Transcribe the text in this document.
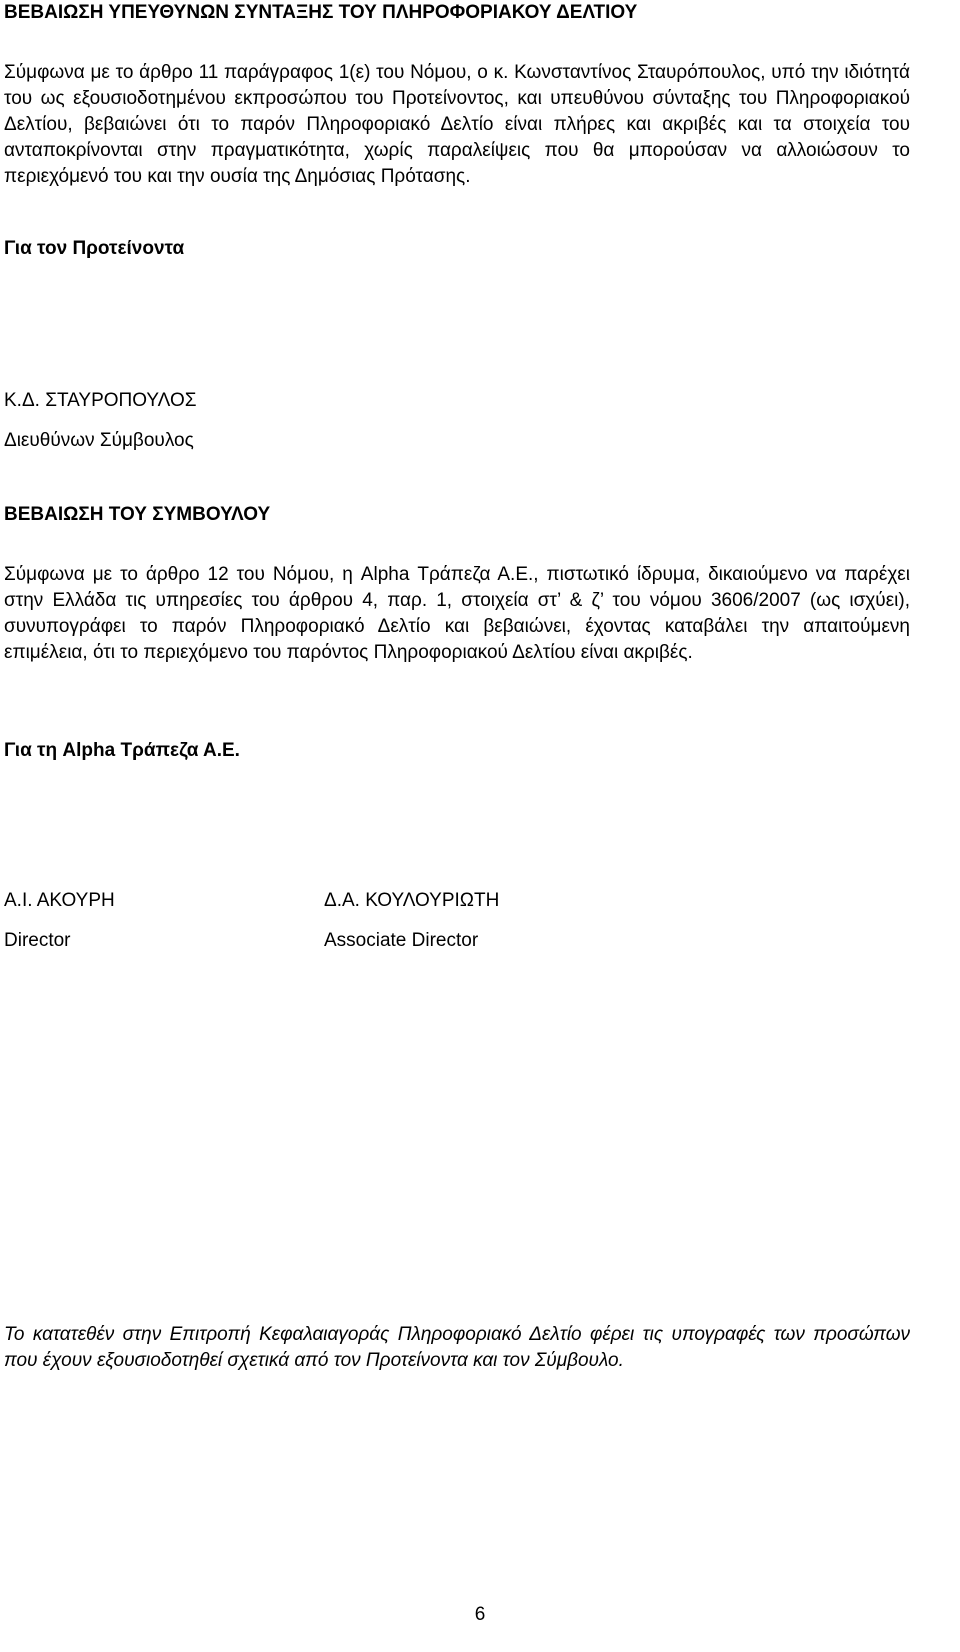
ΒΕΒΑΙΩΣΗ ΥΠΕΥΘΥΝΩΝ ΣΥΝΤΑΞΗΣ ΤΟΥ ΠΛΗΡΟΦΟΡΙΑΚΟΥ ΔΕΛΤΙΟΥ
Σύμφωνα με το άρθρο 11 παράγραφος 1(ε) του Νόμου, ο κ. Κωνσταντίνος Σταυρόπουλος, υπό την ιδιότητά του ως εξουσιοδοτημένου εκπροσώπου του Προτείνοντος, και υπευθύνου σύνταξης του Πληροφοριακού Δελτίου, βεβαιώνει ότι το παρόν Πληροφοριακό Δελτίο είναι πλήρες και ακριβές και τα στοιχεία του ανταποκρίνονται στην πραγματικότητα, χωρίς παραλείψεις που θα μπορούσαν να αλλοιώσουν το περιεχόμενό του και την ουσία της Δημόσιας Πρότασης.
Για τον Προτείνοντα
Κ.Δ. ΣΤΑΥΡΟΠΟΥΛΟΣ
Διευθύνων Σύμβουλος
ΒΕΒΑΙΩΣΗ ΤΟΥ ΣΥΜΒΟΥΛΟΥ
Σύμφωνα με το άρθρο 12 του Νόμου, η Alpha Τράπεζα Α.Ε., πιστωτικό ίδρυμα, δικαιούμενο να παρέχει στην Ελλάδα τις υπηρεσίες του άρθρου 4, παρ. 1, στοιχεία στ’ & ζ’ του νόμου 3606/2007 (ως ισχύει), συνυπογράφει το παρόν Πληροφοριακό Δελτίο και βεβαιώνει, έχοντας καταβάλει την απαιτούμενη επιμέλεια, ότι το περιεχόμενο του παρόντος Πληροφοριακού Δελτίου είναι ακριβές.
Για τη Alpha Τράπεζα Α.Ε.
Α.Ι. ΑΚΟΥΡΗ
Director
Δ.Α. ΚΟΥΛΟΥΡΙΩΤΗ
Associate Director
Το κατατεθέν στην Επιτροπή Κεφαλαιαγοράς Πληροφοριακό Δελτίο φέρει τις υπογραφές των προσώπων που έχουν εξουσιοδοτηθεί σχετικά από τον Προτείνοντα και τον Σύμβουλο.
6
